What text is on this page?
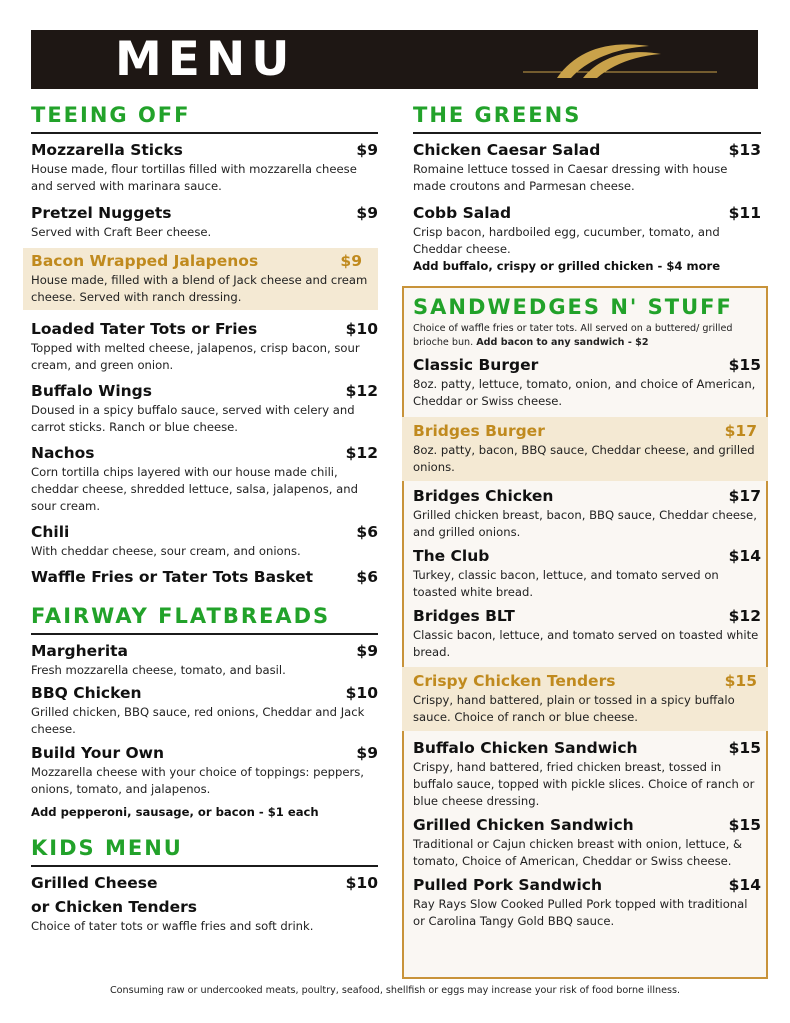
MENU
TEEING OFF
Mozzarella Sticks	$9
House made, flour tortillas filled with mozzarella cheese and served with marinara sauce.
Pretzel Nuggets	$9
Served with Craft Beer cheese.
Bacon Wrapped Jalapenos	$9
House made, filled with a blend of Jack cheese and cream cheese. Served with ranch dressing.
Loaded Tater Tots or Fries	$10
Topped with melted cheese, jalapenos, crisp bacon, sour cream, and green onion.
Buffalo Wings	$12
Doused in a spicy buffalo sauce, served with celery and carrot sticks. Ranch or blue cheese.
Nachos	$12
Corn tortilla chips layered with our house made chili, cheddar cheese, shredded lettuce, salsa, jalapenos, and sour cream.
Chili	$6
With cheddar cheese, sour cream, and onions.
Waffle Fries or Tater Tots Basket	$6
FAIRWAY FLATBREADS
Margherita	$9
Fresh mozzarella cheese, tomato, and basil.
BBQ Chicken	$10
Grilled chicken, BBQ sauce, red onions, Cheddar and Jack cheese.
Build Your Own	$9
Mozzarella cheese with your choice of toppings: peppers, onions, tomato, and jalapenos.
Add pepperoni, sausage, or bacon - $1 each
KIDS MENU
Grilled Cheese	$10
or Chicken Tenders
Choice of tater tots or waffle fries and soft drink.
THE GREENS
Chicken Caesar Salad	$13
Romaine lettuce tossed in Caesar dressing with house made croutons and Parmesan cheese.
Cobb Salad	$11
Crisp bacon, hardboiled egg, cucumber, tomato, and Cheddar cheese.
Add buffalo, crispy or grilled chicken - $4 more
SANDWEDGES N' STUFF
Choice of waffle fries or tater tots. All served on a buttered/ grilled brioche bun. Add bacon to any sandwich - $2
Classic Burger	$15
8oz. patty, lettuce, tomato, onion, and choice of American, Cheddar or Swiss cheese.
Bridges Burger	$17
8oz. patty, bacon, BBQ sauce, Cheddar cheese, and grilled onions.
Bridges Chicken	$17
Grilled chicken breast, bacon, BBQ sauce, Cheddar cheese, and grilled onions.
The Club	$14
Turkey, classic bacon, lettuce, and tomato served on toasted white bread.
Bridges BLT	$12
Classic bacon, lettuce, and tomato served on toasted white bread.
Crispy Chicken Tenders	$15
Crispy, hand battered, plain or tossed in a spicy buffalo sauce. Choice of ranch or blue cheese.
Buffalo Chicken Sandwich	$15
Crispy, hand battered, fried chicken breast, tossed in buffalo sauce, topped with pickle slices. Choice of ranch or blue cheese dressing.
Grilled Chicken Sandwich	$15
Traditional or Cajun chicken breast with onion, lettuce, & tomato, Choice of American, Cheddar or Swiss cheese.
Pulled Pork Sandwich	$14
Ray Rays Slow Cooked Pulled Pork topped with traditional or Carolina Tangy Gold BBQ sauce.
Consuming raw or undercooked meats, poultry, seafood, shellfish or eggs may increase your risk of food borne illness.
